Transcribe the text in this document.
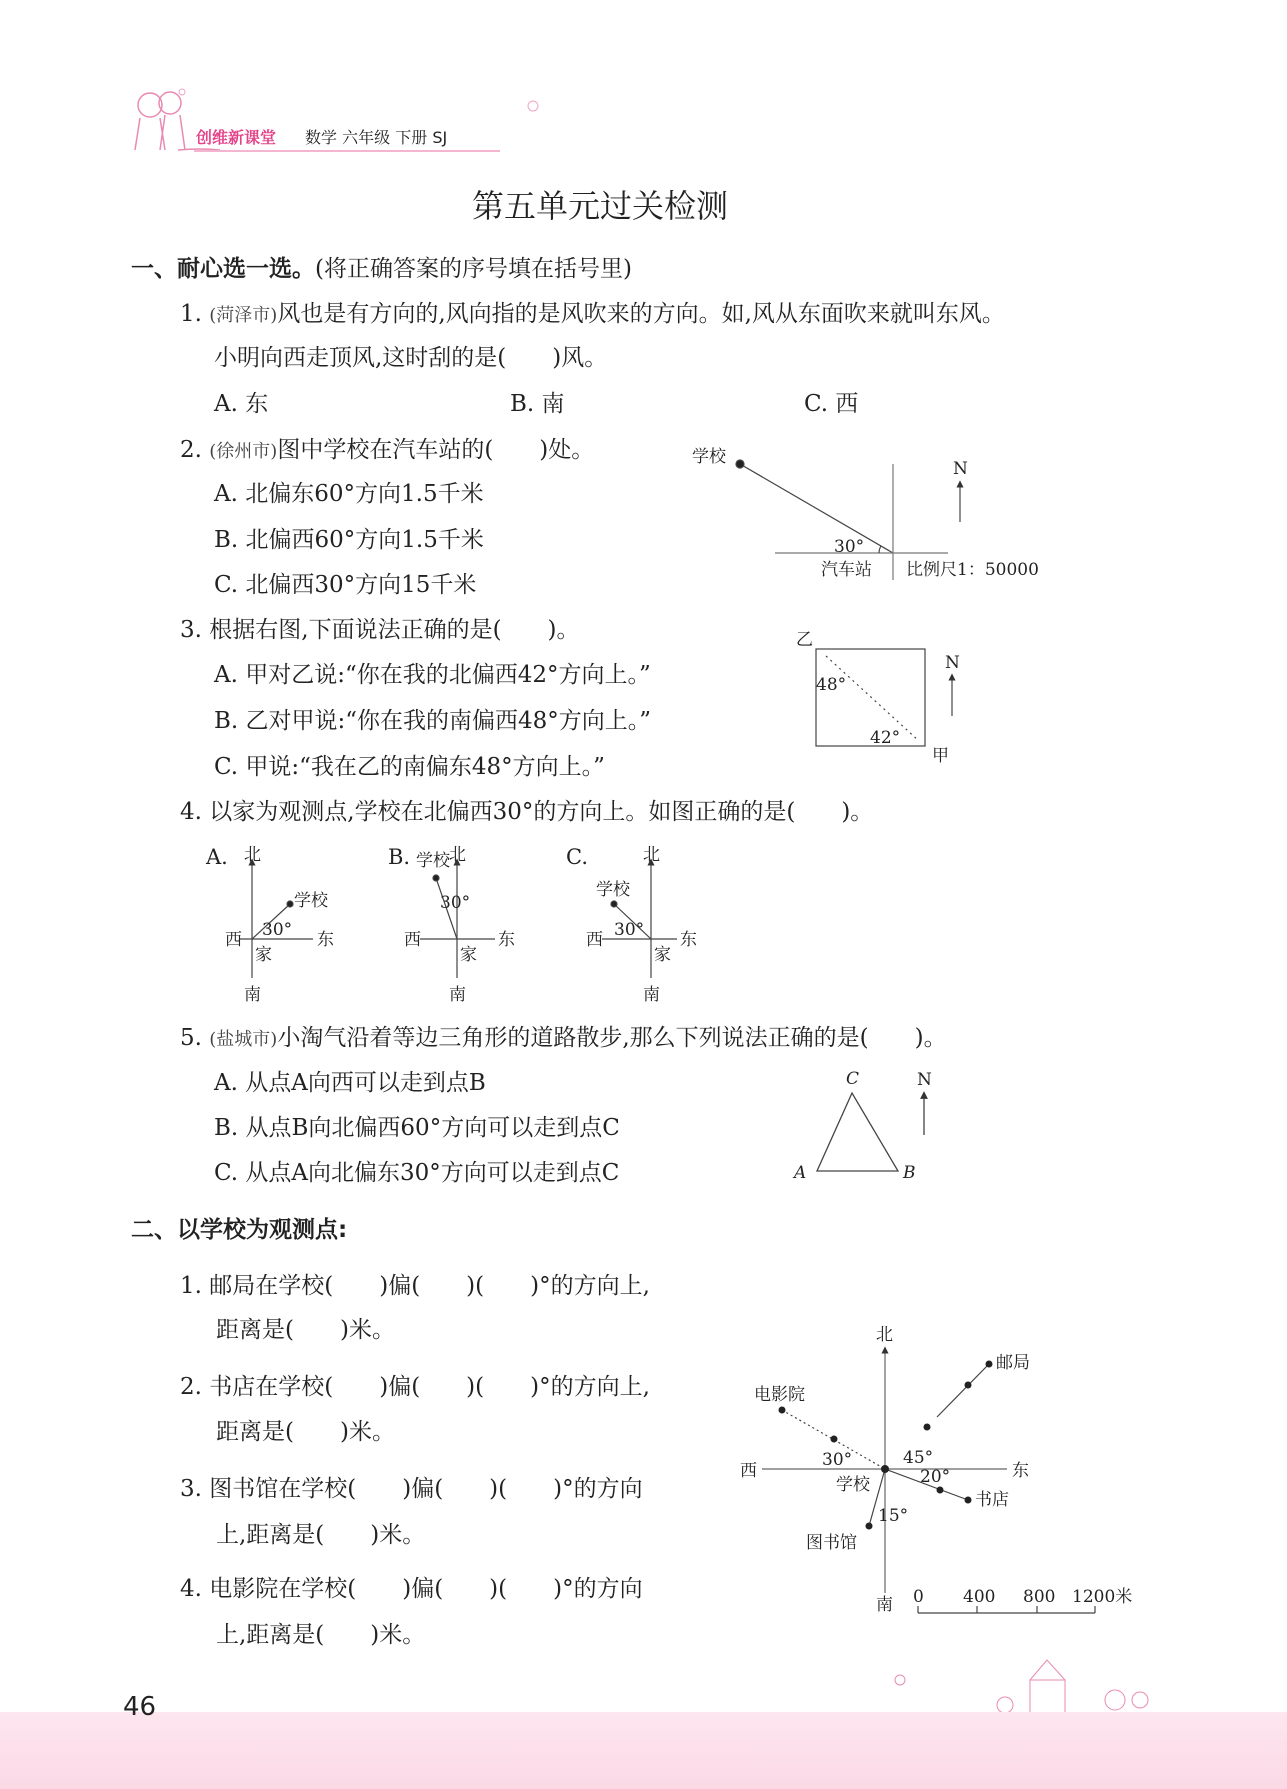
创维新课堂 数学 六年级 下册 SJ
第五单元过关检测
一、耐心选一选。(将正确答案的序号填在括号里)
1. (菏泽市)风也是有方向的,风向指的是风吹来的方向。如,风从东面吹来就叫东风。
小明向西走顶风,这时刮的是(　　)风。
A. 东	B. 南	C. 西
2. (徐州市)图中学校在汽车站的(　　)处。
A. 北偏东60°方向1.5千米
B. 北偏西60°方向1.5千米
C. 北偏西30°方向15千米
3. 根据右图,下面说法正确的是(　　)。
A. 甲对乙说:“你在我的北偏西42°方向上。”
B. 乙对甲说:“你在我的南偏西48°方向上。”
C. 甲说:“我在乙的南偏东48°方向上。”
4. 以家为观测点,学校在北偏西30°的方向上。如图正确的是(　　)。
5. (盐城市)小淘气沿着等边三角形的道路散步,那么下列说法正确的是(　　)。
A. 从点A向西可以走到点B
B. 从点B向北偏西60°方向可以走到点C
C. 从点A向北偏东30°方向可以走到点C
二、以学校为观测点:
1. 邮局在学校(　　)偏(　　)(　　)°的方向上,
距离是(　　)米。
2. 书店在学校(　　)偏(　　)(　　)°的方向上,
距离是(　　)米。
3. 图书馆在学校(　　)偏(　　)(　　)°的方向
上,距离是(　　)米。
4. 电影院在学校(　　)偏(　　)(　　)°的方向
上,距离是(　　)米。
学校
30°
汽车站 比例尺1：50000
N
乙
甲
48°
42°
N
A.	B.	C.
北
南
西	东
家
学校
30°
北
南
西	东
家
学校
30°
北
南
西	东
家
学校
30°
C
A	B
N
北
南
西	东
学校
邮局
电影院
书店
图书馆
30°	45°
20°
15°
0 400 800 1200米
46
